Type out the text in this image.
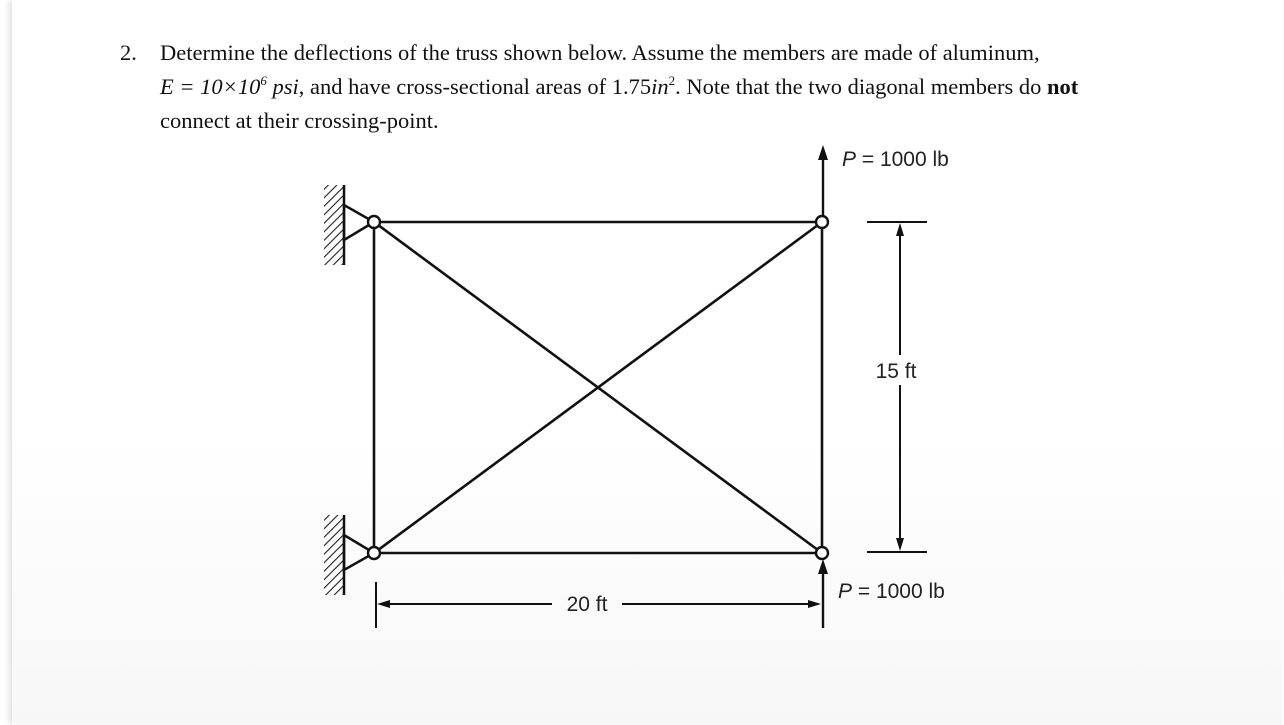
2. Determine the deflections of the truss shown below. Assume the members are made of aluminum,
$E = 10\times 10^6$ psi, and have cross-sectional areas of $1.75in^2$. Note that the two diagonal members do not
connect at their crossing-point.
P = 1000 lb
P = 1000 lb
15 ft
20 ft
